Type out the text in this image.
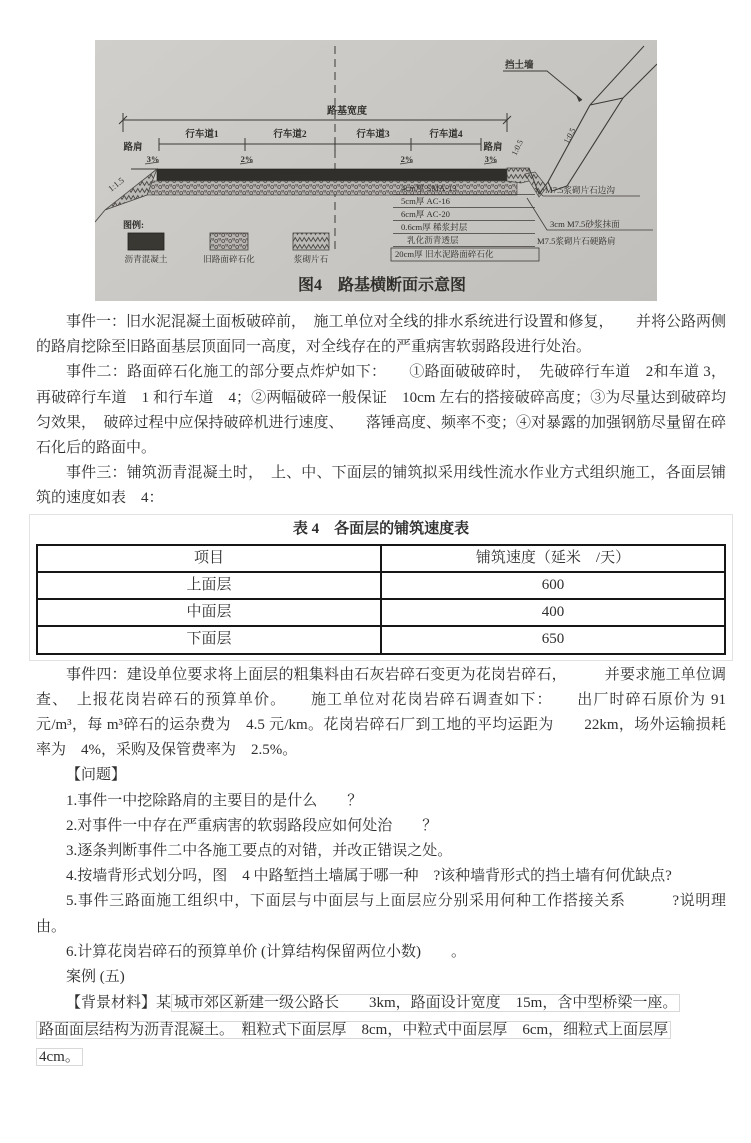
路基宽度
行车道1	行车道2	行车道3	行车道4
路肩	路肩
3%	2%	2%	3%
1:1.5
1:0.5
1:0.5
挡土墙
4cm厚 SMA-13
5cm厚 AC-16
6cm厚 AC-20
0.6cm厚 稀浆封层
乳化沥青透层
20cm厚 旧水泥路面碎石化
M7.5浆砌片石边沟
3cm M7.5砂浆抹面
M7.5浆砌片石硬路肩
图例:
沥青混凝土	旧路面碎石化	浆砌片石
图4　路基横断面示意图

事件一：旧水泥混凝土面板破碎前，　施工单位对全线的排水系统进行设置和修复，　　并将公路两侧的路肩挖除至旧路面基层顶面同一高度，对全线存在的严重病害软弱路段进行处治。

事件二：路面碎石化施工的部分要点炸炉如下：　　①路面破破碎时，　先破碎行车道　2和车道 3，再破碎行车道　1 和行车道　4；②两幅破碎一般保证　10cm 左右的搭接破碎高度；③为尽量达到破碎均匀效果，　破碎过程中应保持破碎机进行速度、　　落锤高度、频率不变；④对暴露的加强钢筋尽量留在碎石化后的路面中。

事件三：铺筑沥青混凝土时，　上、中、下面层的铺筑拟采用线性流水作业方式组织施工，各面层铺筑的速度如表　4：

表 4　各面层的铺筑速度表

项目	铺筑速度（延米　/天）
上面层	600
中面层	400
下面层	650

事件四：建设单位要求将上面层的粗集料由石灰岩碎石变更为花岗岩碎石，　　　并要求施工单位调查、　上报花岗岩碎石的预算单价。　　施工单位对花岗岩碎石调查如下：　　出厂时碎石原价为 91 元/m³，每 m³碎石的运杂费为　4.5 元/km。花岗岩碎石厂到工地的平均运距为　　22km，场外运输损耗率为　4%，采购及保管费率为　2.5%。

【问题】

1.事件一中挖除路肩的主要目的是什么　　？

2.对事件一中存在严重病害的软弱路段应如何处治　　？

3.逐条判断事件二中各施工要点的对错，并改正错误之处。

4.按墙背形式划分吗，图　4 中路堑挡土墙属于哪一种　?该种墙背形式的挡土墙有何优缺点?

5.事件三路面施工组织中，下面层与中面层与上面层应分别采用何种工作搭接关系　　　?说明理由。

6.计算花岗岩碎石的预算单价 (计算结构保留两位小数)　　。

案例 (五)

【背景材料】某 城市郊区新建一级公路长　　3km，路面设计宽度　15m，含中型桥梁一座。
路面面层结构为沥青混凝土。　粗粒式下面层厚　8cm，中粒式中面层厚　6cm，细粒式上面层厚
4cm。
